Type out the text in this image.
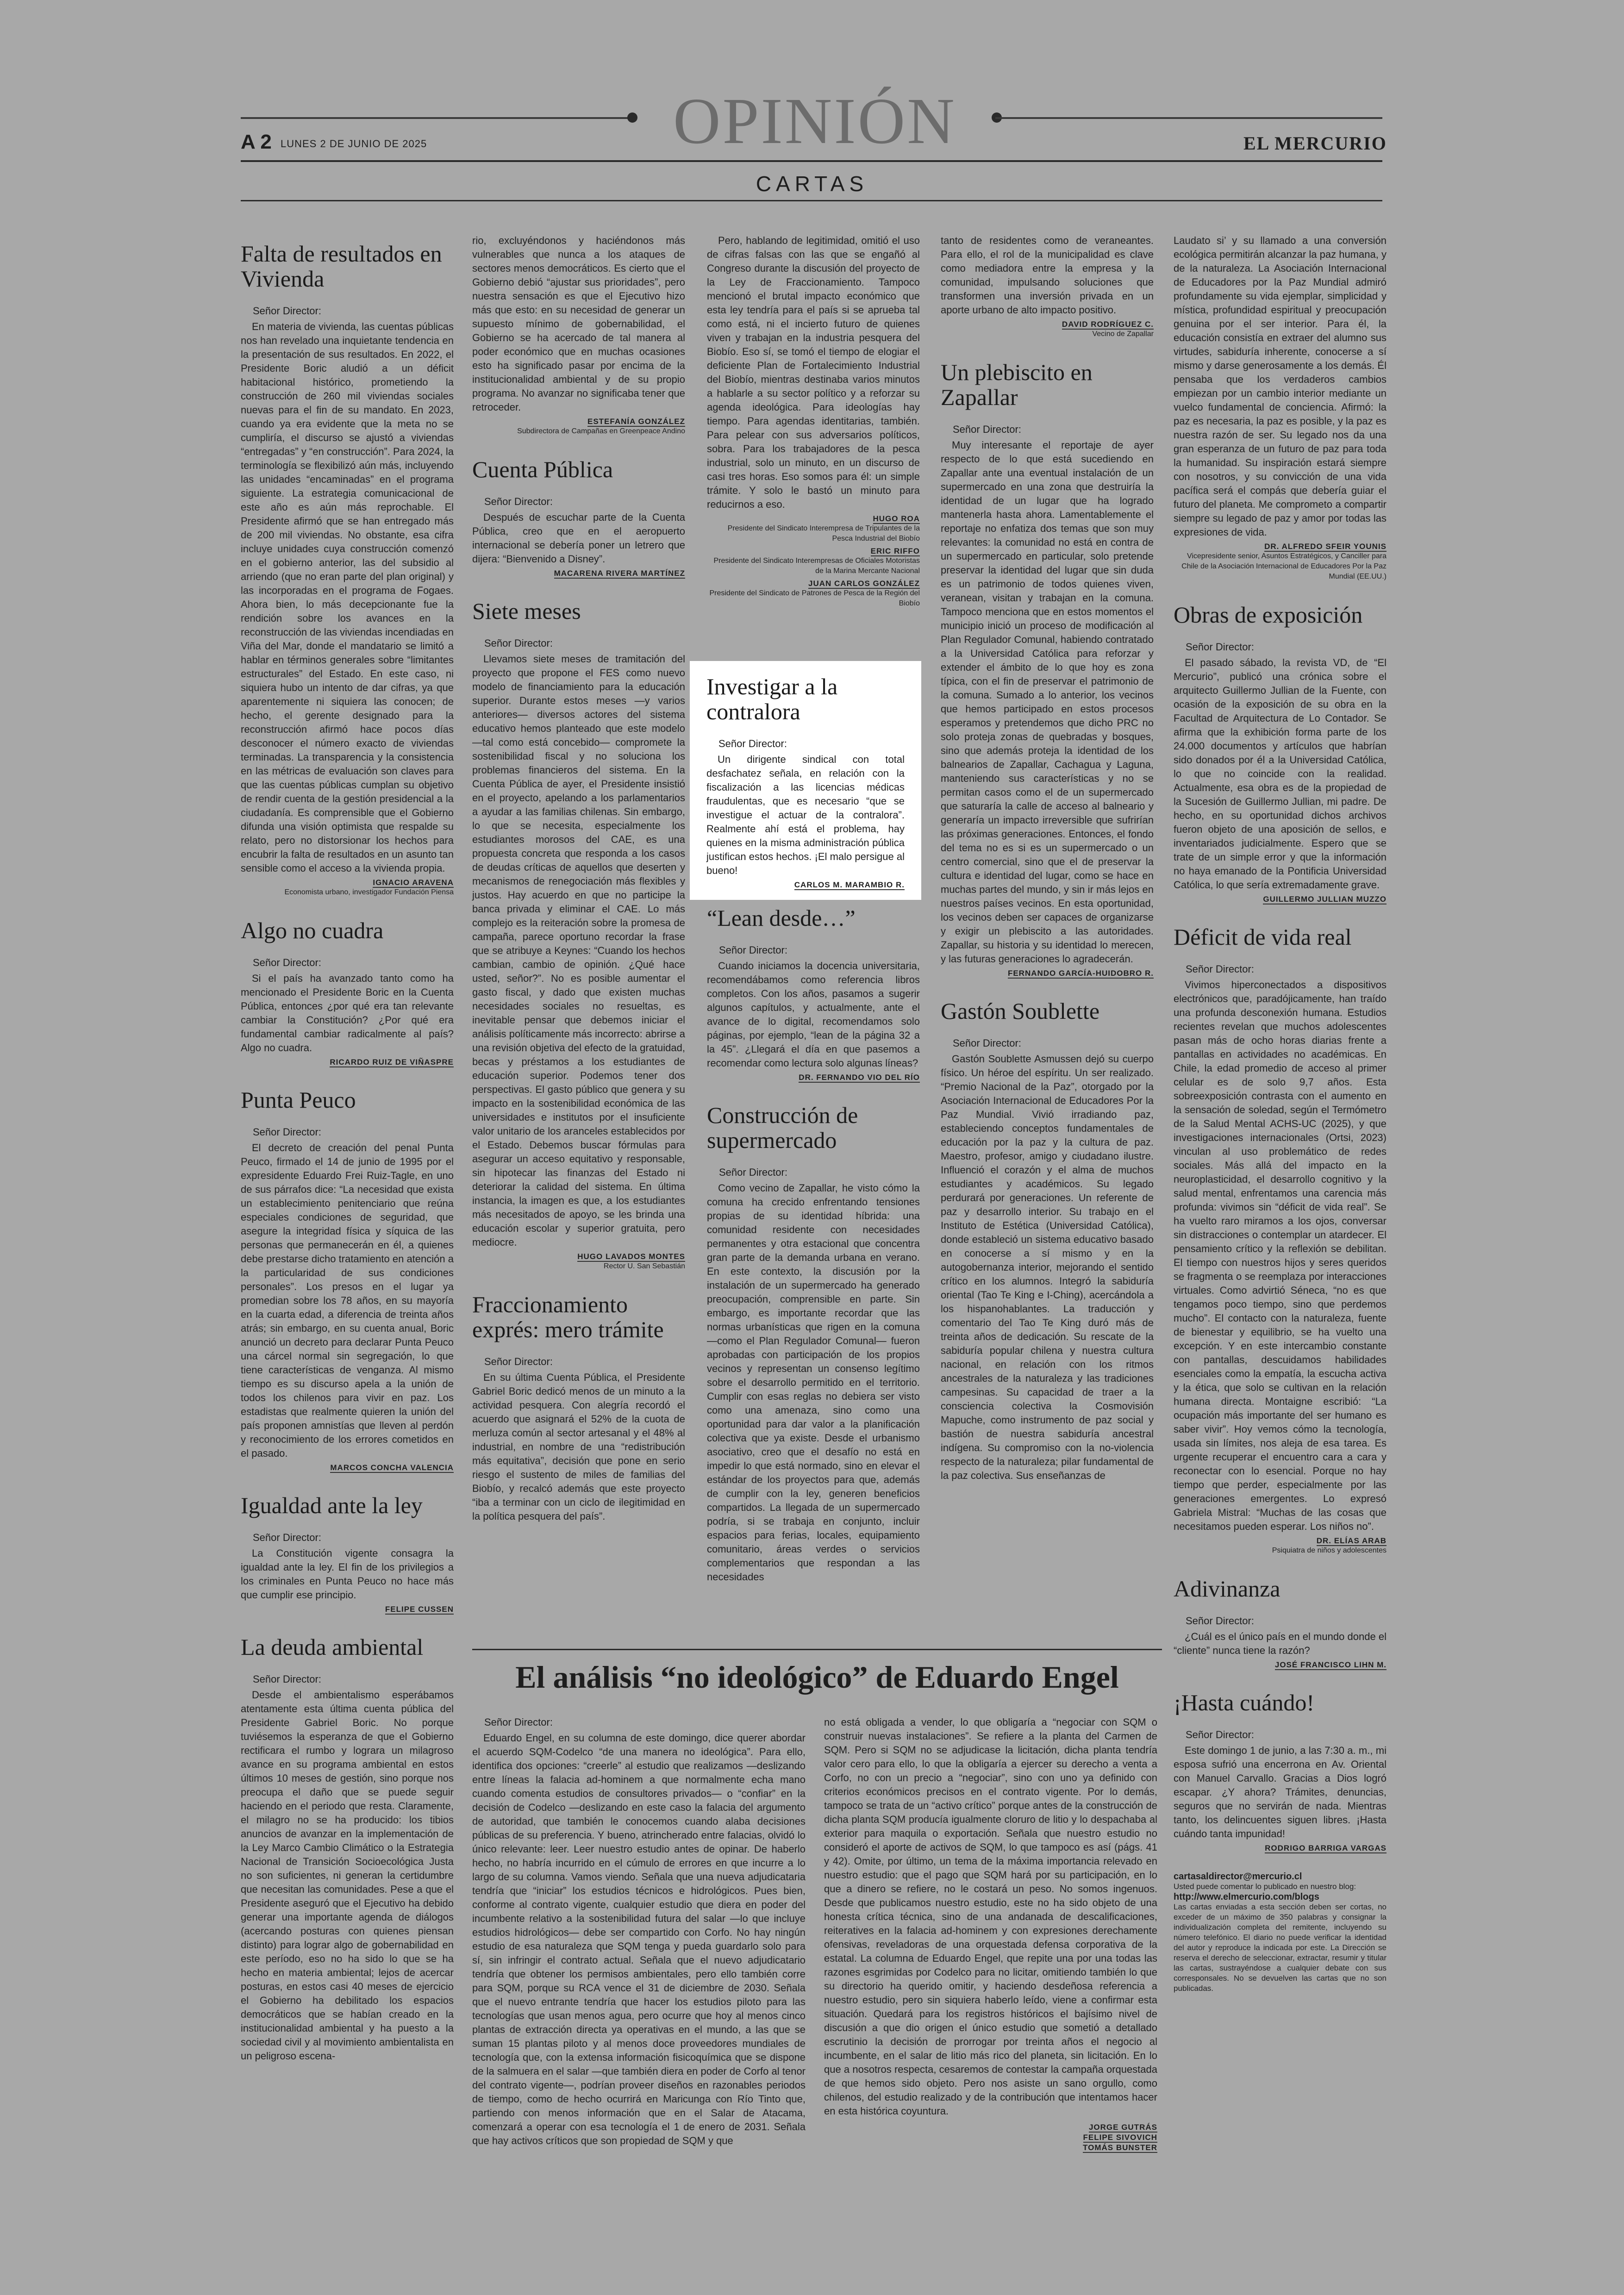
OPINIÓN
A 2 LUNES 2 DE JUNIO DE 2025	EL MERCURIO
CARTAS
Falta de resultados en Vivienda
Señor Director:

En materia de vivienda, las cuentas públicas nos han revelado una inquietante tendencia en la presentación de sus resultados. En 2022, el Presidente Boric aludió a un déficit habitacional histórico, prometiendo la construcción de 260 mil viviendas sociales nuevas para el fin de su mandato. En 2023, cuando ya era evidente que la meta no se cumpliría, el discurso se ajustó a viviendas “entregadas” y “en construcción”. Para 2024, la terminología se flexibilizó aún más, incluyendo las unidades “encaminadas” en el programa siguiente. La estrategia comunicacional de este año es aún más reprochable. El Presidente afirmó que se han entregado más de 200 mil viviendas. No obstante, esa cifra incluye unidades cuya construcción comenzó en el gobierno anterior, las del subsidio al arriendo (que no eran parte del plan original) y las incorporadas en el programa de Fogaes. Ahora bien, lo más decepcionante fue la rendición sobre los avances en la reconstrucción de las viviendas incendiadas en Viña del Mar, donde el mandatario se limitó a hablar en términos generales sobre “limitantes estructurales” del Estado. En este caso, ni siquiera hubo un intento de dar cifras, ya que aparentemente ni siquiera las conocen; de hecho, el gerente designado para la reconstrucción afirmó hace pocos días desconocer el número exacto de viviendas terminadas. La transparencia y la consistencia en las métricas de evaluación son claves para que las cuentas públicas cumplan su objetivo de rendir cuenta de la gestión presidencial a la ciudadanía. Es comprensible que el Gobierno difunda una visión optimista que respalde su relato, pero no distorsionar los hechos para encubrir la falta de resultados en un asunto tan sensible como el acceso a la vivienda propia.

IGNACIO ARAVENA
Economista urbano, investigador Fundación Piensa
Algo no cuadra
Señor Director:

Si el país ha avanzado tanto como ha mencionado el Presidente Boric en la Cuenta Pública, entonces ¿por qué era tan relevante cambiar la Constitución? ¿Por qué era fundamental cambiar radicalmente al país? Algo no cuadra.

RICARDO RUIZ DE VIÑASPRE
Punta Peuco
Señor Director:

El decreto de creación del penal Punta Peuco, firmado el 14 de junio de 1995 por el expresidente Eduardo Frei Ruiz-Tagle, en uno de sus párrafos dice: “La necesidad que exista un establecimiento penitenciario que reúna especiales condiciones de seguridad, que asegure la integridad física y síquica de las personas que permanecerán en él, a quienes debe prestarse dicho tratamiento en atención a la particularidad de sus condiciones personales”. Los presos en el lugar ya promedian sobre los 78 años, en su mayoría en la cuarta edad, a diferencia de treinta años atrás; sin embargo, en su cuenta anual, Boric anunció un decreto para declarar Punta Peuco una cárcel normal sin segregación, lo que tiene características de venganza. Al mismo tiempo es su discurso apela a la unión de todos los chilenos para vivir en paz. Los estadistas que realmente quieren la unión del país proponen amnistías que lleven al perdón y reconocimiento de los errores cometidos en el pasado.

MARCOS CONCHA VALENCIA
Igualdad ante la ley
Señor Director:

La Constitución vigente consagra la igualdad ante la ley. El fin de los privilegios a los criminales en Punta Peuco no hace más que cumplir ese principio.

FELIPE CUSSEN
La deuda ambiental
Señor Director:

Desde el ambientalismo esperábamos atentamente esta última cuenta pública del Presidente Gabriel Boric. No porque tuviésemos la esperanza de que el Gobierno rectificara el rumbo y lograra un milagroso avance en su programa ambiental en estos últimos 10 meses de gestión, sino porque nos preocupa el daño que se puede seguir haciendo en el periodo que resta. Claramente, el milagro no se ha producido: los tibios anuncios de avanzar en la implementación de la Ley Marco Cambio Climático o la Estrategia Nacional de Transición Socioecológica Justa no son suficientes, ni generan la certidumbre que necesitan las comunidades. Pese a que el Presidente aseguró que el Ejecutivo ha debido generar una importante agenda de diálogos (acercando posturas con quienes piensan distinto) para lograr algo de gobernabilidad en este período, eso no ha sido lo que se ha hecho en materia ambiental; lejos de acercar posturas, en estos casi 40 meses de ejercicio el Gobierno ha debilitado los espacios democráticos que se habían creado en la institucionalidad ambiental y ha puesto a la sociedad civil y al movimiento ambientalista en un peligroso escena-

rio, excluyéndonos y haciéndonos más vulnerables que nunca a los ataques de sectores menos democráticos. Es cierto que el Gobierno debió “ajustar sus prioridades”, pero nuestra sensación es que el Ejecutivo hizo más que esto: en su necesidad de generar un supuesto mínimo de gobernabilidad, el Gobierno se ha acercado de tal manera al poder económico que en muchas ocasiones esto ha significado pasar por encima de la institucionalidad ambiental y de su propio programa. No avanzar no significaba tener que retroceder.

ESTEFANÍA GONZÁLEZ
Subdirectora de Campañas en Greenpeace Andino
Cuenta Pública
Señor Director:

Después de escuchar parte de la Cuenta Pública, creo que en el aeropuerto internacional se debería poner un letrero que dijera: “Bienvenido a Disney”.

MACARENA RIVERA MARTÍNEZ
Siete meses
Señor Director:

Llevamos siete meses de tramitación del proyecto que propone el FES como nuevo modelo de financiamiento para la educación superior. Durante estos meses —y varios anteriores— diversos actores del sistema educativo hemos planteado que este modelo —tal como está concebido— compromete la sostenibilidad fiscal y no soluciona los problemas financieros del sistema. En la Cuenta Pública de ayer, el Presidente insistió en el proyecto, apelando a los parlamentarios a ayudar a las familias chilenas. Sin embargo, lo que se necesita, especialmente los estudiantes morosos del CAE, es una propuesta concreta que responda a los casos de deudas críticas de aquellos que deserten y mecanismos de renegociación más flexibles y justos. Hay acuerdo en que no participe la banca privada y eliminar el CAE. Lo más complejo es la reiteración sobre la promesa de campaña, parece oportuno recordar la frase que se atribuye a Keynes: “Cuando los hechos cambian, cambio de opinión. ¿Qué hace usted, señor?”. No es posible aumentar el gasto fiscal, y dado que existen muchas necesidades sociales no resueltas, es inevitable pensar que debemos iniciar el análisis políticamente más incorrecto: abrirse a una revisión objetiva del efecto de la gratuidad, becas y préstamos a los estudiantes de educación superior. Podemos tener dos perspectivas. El gasto público que genera y su impacto en la sostenibilidad económica de las universidades e institutos por el insuficiente valor unitario de los aranceles establecidos por el Estado. Debemos buscar fórmulas para asegurar un acceso equitativo y responsable, sin hipotecar las finanzas del Estado ni deteriorar la calidad del sistema. En última instancia, la imagen es que, a los estudiantes más necesitados de apoyo, se les brinda una educación escolar y superior gratuita, pero mediocre.

HUGO LAVADOS MONTES
Rector U. San Sebastián
Fraccionamiento exprés: mero trámite
Señor Director:

En su última Cuenta Pública, el Presidente Gabriel Boric dedicó menos de un minuto a la actividad pesquera. Con alegría recordó el acuerdo que asignará el 52% de la cuota de merluza común al sector artesanal y el 48% al industrial, en nombre de una “redistribución más equitativa”, decisión que pone en serio riesgo el sustento de miles de familias del Biobío, y recalcó además que este proyecto “iba a terminar con un ciclo de ilegitimidad en la política pesquera del país”.

Pero, hablando de legitimidad, omitió el uso de cifras falsas con las que se engañó al Congreso durante la discusión del proyecto de la Ley de Fraccionamiento. Tampoco mencionó el brutal impacto económico que esta ley tendría para el país si se aprueba tal como está, ni el incierto futuro de quienes viven y trabajan en la industria pesquera del Biobío. Eso sí, se tomó el tiempo de elogiar el deficiente Plan de Fortalecimiento Industrial del Biobío, mientras destinaba varios minutos a hablarle a su sector político y a reforzar su agenda ideológica. Para ideologías hay tiempo. Para agendas identitarias, también. Para pelear con sus adversarios políticos, sobra. Para los trabajadores de la pesca industrial, solo un minuto, en un discurso de casi tres horas. Eso somos para él: un simple trámite. Y solo le bastó un minuto para reducirnos a eso.

HUGO ROA
Presidente del Sindicato Interempresa de Tripulantes de la Pesca Industrial del Biobío
ERIC RIFFO
Presidente del Sindicato Interempresas de Oficiales Motoristas de la Marina Mercante Nacional
JUAN CARLOS GONZÁLEZ
Presidente del Sindicato de Patrones de Pesca de la Región del Biobío
Investigar a la contralora
Señor Director:

Un dirigente sindical con total desfachatez señala, en relación con la fiscalización a las licencias médicas fraudulentas, que es necesario “que se investigue el actuar de la contralora”. Realmente ahí está el problema, hay quienes en la misma administración pública justifican estos hechos. ¡El malo persigue al bueno!

CARLOS M. MARAMBIO R.
“Lean desde…”
Señor Director:

Cuando iniciamos la docencia universitaria, recomendábamos como referencia libros completos. Con los años, pasamos a sugerir algunos capítulos, y actualmente, ante el avance de lo digital, recomendamos solo páginas, por ejemplo, “lean de la página 32 a la 45”. ¿Llegará el día en que pasemos a recomendar como lectura solo algunas líneas?

DR. FERNANDO VIO DEL RÍO
Construcción de supermercado
Señor Director:

Como vecino de Zapallar, he visto cómo la comuna ha crecido enfrentando tensiones propias de su identidad híbrida: una comunidad residente con necesidades permanentes y otra estacional que concentra gran parte de la demanda urbana en verano. En este contexto, la discusión por la instalación de un supermercado ha generado preocupación, comprensible en parte. Sin embargo, es importante recordar que las normas urbanísticas que rigen en la comuna —como el Plan Regulador Comunal— fueron aprobadas con participación de los propios vecinos y representan un consenso legítimo sobre el desarrollo permitido en el territorio. Cumplir con esas reglas no debiera ser visto como una amenaza, sino como una oportunidad para dar valor a la planificación colectiva que ya existe. Desde el urbanismo asociativo, creo que el desafío no está en impedir lo que está normado, sino en elevar el estándar de los proyectos para que, además de cumplir con la ley, generen beneficios compartidos. La llegada de un supermercado podría, si se trabaja en conjunto, incluir espacios para ferias, locales, equipamiento comunitario, áreas verdes o servicios complementarios que respondan a las necesidades

tanto de residentes como de veraneantes. Para ello, el rol de la municipalidad es clave como mediadora entre la empresa y la comunidad, impulsando soluciones que transformen una inversión privada en un aporte urbano de alto impacto positivo.

DAVID RODRÍGUEZ C.
Vecino de Zapallar
Un plebiscito en Zapallar
Señor Director:

Muy interesante el reportaje de ayer respecto de lo que está sucediendo en Zapallar ante una eventual instalación de un supermercado en una zona que destruiría la identidad de un lugar que ha logrado mantenerla hasta ahora. Lamentablemente el reportaje no enfatiza dos temas que son muy relevantes: la comunidad no está en contra de un supermercado en particular, solo pretende preservar la identidad del lugar que sin duda es un patrimonio de todos quienes viven, veranean, visitan y trabajan en la comuna. Tampoco menciona que en estos momentos el municipio inició un proceso de modificación al Plan Regulador Comunal, habiendo contratado a la Universidad Católica para reforzar y extender el ámbito de lo que hoy es zona típica, con el fin de preservar el patrimonio de la comuna. Sumado a lo anterior, los vecinos que hemos participado en estos procesos esperamos y pretendemos que dicho PRC no solo proteja zonas de quebradas y bosques, sino que además proteja la identidad de los balnearios de Zapallar, Cachagua y Laguna, manteniendo sus características y no se permitan casos como el de un supermercado que saturaría la calle de acceso al balneario y generaría un impacto irreversible que sufrirían las próximas generaciones. Entonces, el fondo del tema no es si es un supermercado o un centro comercial, sino que el de preservar la cultura e identidad del lugar, como se hace en muchas partes del mundo, y sin ir más lejos en nuestros países vecinos. En esta oportunidad, los vecinos deben ser capaces de organizarse y exigir un plebiscito a las autoridades. Zapallar, su historia y su identidad lo merecen, y las futuras generaciones lo agradecerán.

FERNANDO GARCÍA-HUIDOBRO R.
Gastón Soublette
Señor Director:

Gastón Soublette Asmussen dejó su cuerpo físico. Un héroe del espíritu. Un ser realizado. “Premio Nacional de la Paz”, otorgado por la Asociación Internacional de Educadores Por la Paz Mundial. Vivió irradiando paz, estableciendo conceptos fundamentales de educación por la paz y la cultura de paz. Maestro, profesor, amigo y ciudadano ilustre. Influenció el corazón y el alma de muchos estudiantes y académicos. Su legado perdurará por generaciones. Un referente de paz y desarrollo interior. Su trabajo en el Instituto de Estética (Universidad Católica), donde estableció un sistema educativo basado en conocerse a sí mismo y en la autogobernanza interior, mejorando el sentido crítico en los alumnos. Integró la sabiduría oriental (Tao Te King e I-Ching), acercándola a los hispanohablantes. La traducción y comentario del Tao Te King duró más de treinta años de dedicación. Su rescate de la sabiduría popular chilena y nuestra cultura nacional, en relación con los ritmos ancestrales de la naturaleza y las tradiciones campesinas. Su capacidad de traer a la consciencia colectiva la Cosmovisión Mapuche, como instrumento de paz social y bastión de nuestra sabiduría ancestral indígena. Su compromiso con la no-violencia respecto de la naturaleza; pilar fundamental de la paz colectiva. Sus enseñanzas de

Laudato si’ y su llamado a una conversión ecológica permitirán alcanzar la paz humana, y de la naturaleza. La Asociación Internacional de Educadores por la Paz Mundial admiró profundamente su vida ejemplar, simplicidad y mística, profundidad espiritual y preocupación genuina por el ser interior. Para él, la educación consistía en extraer del alumno sus virtudes, sabiduría inherente, conocerse a sí mismo y darse generosamente a los demás. Él pensaba que los verdaderos cambios empiezan por un cambio interior mediante un vuelco fundamental de conciencia. Afirmó: la paz es necesaria, la paz es posible, y la paz es nuestra razón de ser. Su legado nos da una gran esperanza de un futuro de paz para toda la humanidad. Su inspiración estará siempre con nosotros, y su convicción de una vida pacífica será el compás que debería guiar el futuro del planeta. Me comprometo a compartir siempre su legado de paz y amor por todas las expresiones de vida.

DR. ALFREDO SFEIR YOUNIS
Vicepresidente senior, Asuntos Estratégicos, y Canciller para Chile de la Asociación Internacional de Educadores Por la Paz Mundial (EE.UU.)
Obras de exposición
Señor Director:

El pasado sábado, la revista VD, de “El Mercurio”, publicó una crónica sobre el arquitecto Guillermo Jullian de la Fuente, con ocasión de la exposición de su obra en la Facultad de Arquitectura de Lo Contador. Se afirma que la exhibición forma parte de los 24.000 documentos y artículos que habrían sido donados por él a la Universidad Católica, lo que no coincide con la realidad. Actualmente, esa obra es de la propiedad de la Sucesión de Guillermo Jullian, mi padre. De hecho, en su oportunidad dichos archivos fueron objeto de una aposición de sellos, e inventariados judicialmente. Espero que se trate de un simple error y que la información no haya emanado de la Pontificia Universidad Católica, lo que sería extremadamente grave.

GUILLERMO JULLIAN MUZZO
Déficit de vida real
Señor Director:

Vivimos hiperconectados a dispositivos electrónicos que, paradójicamente, han traído una profunda desconexión humana. Estudios recientes revelan que muchos adolescentes pasan más de ocho horas diarias frente a pantallas en actividades no académicas. En Chile, la edad promedio de acceso al primer celular es de solo 9,7 años. Esta sobreexposición contrasta con el aumento en la sensación de soledad, según el Termómetro de la Salud Mental ACHS-UC (2025), y que investigaciones internacionales (Ortsi, 2023) vinculan al uso problemático de redes sociales. Más allá del impacto en la neuroplasticidad, el desarrollo cognitivo y la salud mental, enfrentamos una carencia más profunda: vivimos sin “déficit de vida real”. Se ha vuelto raro miramos a los ojos, conversar sin distracciones o contemplar un atardecer. El pensamiento crítico y la reflexión se debilitan. El tiempo con nuestros hijos y seres queridos se fragmenta o se reemplaza por interacciones virtuales. Como advirtió Séneca, “no es que tengamos poco tiempo, sino que perdemos mucho”. El contacto con la naturaleza, fuente de bienestar y equilibrio, se ha vuelto una excepción. Y en este intercambio constante con pantallas, descuidamos habilidades esenciales como la empatía, la escucha activa y la ética, que solo se cultivan en la relación humana directa. Montaigne escribió: “La ocupación más importante del ser humano es saber vivir”. Hoy vemos cómo la tecnología, usada sin límites, nos aleja de esa tarea. Es urgente recuperar el encuentro cara a cara y reconectar con lo esencial. Porque no hay tiempo que perder, especialmente por las generaciones emergentes. Lo expresó Gabriela Mistral: “Muchas de las cosas que necesitamos pueden esperar. Los niños no”.

DR. ELÍAS ARAB
Psiquiatra de niños y adolescentes
Adivinanza
Señor Director:

¿Cuál es el único país en el mundo donde el “cliente” nunca tiene la razón?

JOSÉ FRANCISCO LIHN M.
¡Hasta cuándo!
Señor Director:

Este domingo 1 de junio, a las 7:30 a. m., mi esposa sufrió una encerrona en Av. Oriental con Manuel Carvallo. Gracias a Dios logró escapar. ¿Y ahora? Trámites, denuncias, seguros que no servirán de nada. Mientras tanto, los delincuentes siguen libres. ¡Hasta cuándo tanta impunidad!

RODRIGO BARRIGA VARGAS
cartasaldirector@mercurio.cl
Usted puede comentar lo publicado en nuestro blog:
http://www.elmercurio.com/blogs
Las cartas enviadas a esta sección deben ser cortas, no exceder de un máximo de 350 palabras y consignar la individualización completa del remitente, incluyendo su número telefónico. El diario no puede verificar la identidad del autor y reproduce la indicada por este. La Dirección se reserva el derecho de seleccionar, extractar, resumir y titular las cartas, sustrayéndose a cualquier debate con sus corresponsales. No se devuelven las cartas que no son publicadas.
El análisis “no ideológico” de Eduardo Engel
Señor Director:

Eduardo Engel, en su columna de este domingo, dice querer abordar el acuerdo SQM-Codelco “de una manera no ideológica”. Para ello, identifica dos opciones: “creerle” al estudio que realizamos —deslizando entre líneas la falacia ad-hominem a que normalmente echa mano cuando comenta estudios de consultores privados— o “confiar” en la decisión de Codelco —deslizando en este caso la falacia del argumento de autoridad, que también le conocemos cuando alaba decisiones públicas de su preferencia. Y bueno, atrincherado entre falacias, olvidó lo único relevante: leer. Leer nuestro estudio antes de opinar. De haberlo hecho, no habría incurrido en el cúmulo de errores en que incurre a lo largo de su columna. Vamos viendo. Señala que una nueva adjudicataria tendría que “iniciar” los estudios técnicos e hidrológicos. Pues bien, conforme al contrato vigente, cualquier estudio que diera en poder del incumbente relativo a la sostenibilidad futura del salar —lo que incluye estudios hidrológicos— debe ser compartido con Corfo. No hay ningún estudio de esa naturaleza que SQM tenga y pueda guardarlo solo para sí, sin infringir el contrato actual. Señala que el nuevo adjudicatario tendría que obtener los permisos ambientales, pero ello también corre para SQM, porque su RCA vence el 31 de diciembre de 2030. Señala que el nuevo entrante tendría que hacer los estudios piloto para las tecnologías que usan menos agua, pero ocurre que hoy al menos cinco plantas de extracción directa ya operativas en el mundo, a las que se suman 15 plantas piloto y al menos doce proveedores mundiales de tecnología que, con la extensa información fisicoquímica que se dispone de la salmuera en el salar —que también diera en poder de Corfo al tenor del contrato vigente—, podrían proveer diseños en razonables periodos de tiempo, como de hecho ocurrirá en Maricunga con Río Tinto que, partiendo con menos información que en el Salar de Atacama, comenzará a operar con esa tecnología el 1 de enero de 2031. Señala que hay activos críticos que son propiedad de SQM y que

no está obligada a vender, lo que obligaría a “negociar con SQM o construir nuevas instalaciones”. Se refiere a la planta del Carmen de SQM. Pero si SQM no se adjudicase la licitación, dicha planta tendría valor cero para ello, lo que la obligaría a ejercer su derecho a venta a Corfo, no con un precio a “negociar”, sino con uno ya definido con criterios económicos precisos en el contrato vigente. Por lo demás, tampoco se trata de un “activo crítico” porque antes de la construcción de dicha planta SQM producía igualmente cloruro de litio y lo despachaba al exterior para maquila o exportación. Señala que nuestro estudio no consideró el aporte de activos de SQM, lo que tampoco es así (págs. 41 y 42). Omite, por último, un tema de la máxima importancia relevado en nuestro estudio: que el pago que SQM hará por su participación, en lo que a dinero se refiere, no le costará un peso. No somos ingenuos. Desde que publicamos nuestro estudio, este no ha sido objeto de una honesta crítica técnica, sino de una andanada de descalificaciones, reiteratives en la falacia ad-hominem y con expresiones derechamente ofensivas, reveladoras de una orquestada defensa corporativa de la estatal. La columna de Eduardo Engel, que repite una por una todas las razones esgrimidas por Codelco para no licitar, omitiendo también lo que su directorio ha querido omitir, y haciendo desdeñosa referencia a nuestro estudio, pero sin siquiera haberlo leído, viene a confirmar esta situación. Quedará para los registros históricos el bajísimo nivel de discusión a que dio origen el único estudio que sometió a detallado escrutinio la decisión de prorrogar por treinta años el negocio al incumbente, en el salar de litio más rico del planeta, sin licitación. En lo que a nosotros respecta, cesaremos de contestar la campaña orquestada de que hemos sido objeto. Pero nos asiste un sano orgullo, como chilenos, del estudio realizado y de la contribución que intentamos hacer en esta histórica coyuntura.

JORGE GUTRÁS
FELIPE SIVOVICH
TOMÁS BUNSTER
